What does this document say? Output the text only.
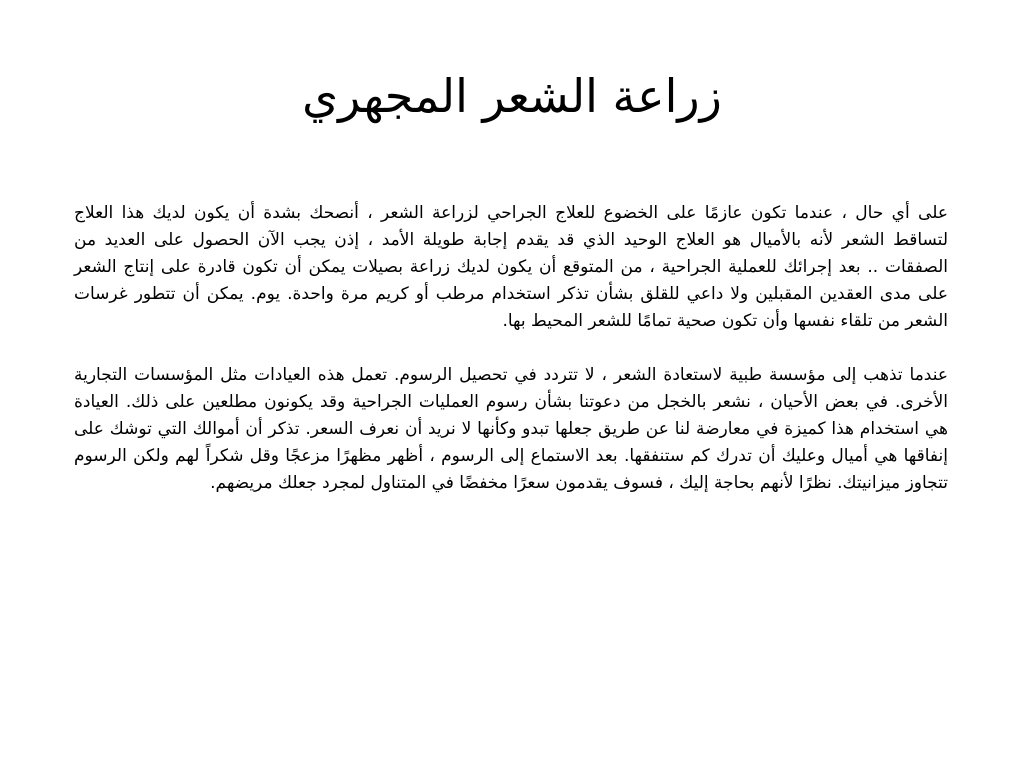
زراعة الشعر المجهري

على أي حال ، عندما تكون عازمًا على الخضوع للعلاج الجراحي لزراعة الشعر ، أنصحك بشدة أن يكون لديك هذا العلاج لتساقط الشعر لأنه بالأميال هو العلاج الوحيد الذي قد يقدم إجابة طويلة الأمد ، إذن يجب الآن الحصول على العديد من الصفقات .. بعد إجرائك للعملية الجراحية ، من المتوقع أن يكون لديك زراعة بصيلات يمكن أن تكون قادرة على إنتاج الشعر على مدى العقدين المقبلين ولا داعي للقلق بشأن تذكر استخدام مرطب أو كريم مرة واحدة. يوم. يمكن أن تتطور غرسات الشعر من تلقاء نفسها وأن تكون صحية تمامًا للشعر المحيط بها.

عندما تذهب إلى مؤسسة طبية لاستعادة الشعر ، لا تتردد في تحصيل الرسوم. تعمل هذه العيادات مثل المؤسسات التجارية الأخرى. في بعض الأحيان ، نشعر بالخجل من دعوتنا بشأن رسوم العمليات الجراحية وقد يكونون مطلعين على ذلك. العيادة هي استخدام هذا كميزة في معارضة لنا عن طريق جعلها تبدو وكأنها لا نريد أن نعرف السعر. تذكر أن أموالك التي توشك على إنفاقها هي أميال وعليك أن تدرك كم ستنفقها. بعد الاستماع إلى الرسوم ، أظهر مظهرًا مزعجًا وقل شكراً لهم ولكن الرسوم تتجاوز ميزانيتك. نظرًا لأنهم بحاجة إليك ، فسوف يقدمون سعرًا مخفضًا في المتناول لمجرد جعلك مريضهم.
